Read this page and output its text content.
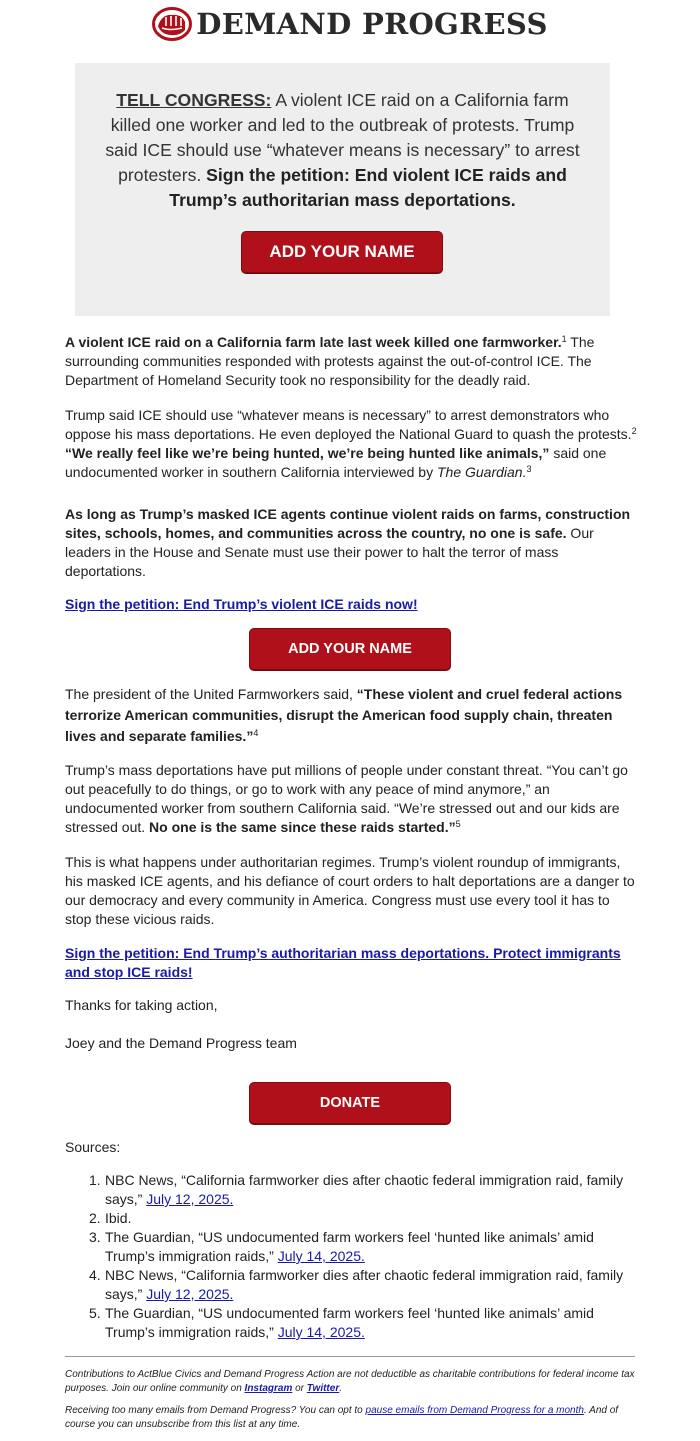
DEMAND PROGRESS

TELL CONGRESS: A violent ICE raid on a California farm killed one worker and led to the outbreak of protests. Trump said ICE should use “whatever means is necessary” to arrest protesters. Sign the petition: End violent ICE raids and Trump’s authoritarian mass deportations.

ADD YOUR NAME

A violent ICE raid on a California farm late last week killed one farmworker.$^1$ The surrounding communities responded with protests against the out-of-control ICE. The Department of Homeland Security took no responsibility for the deadly raid.

Trump said ICE should use “whatever means is necessary” to arrest demonstrators who oppose his mass deportations. He even deployed the National Guard to quash the protests.$^2$ “We really feel like we’re being hunted, we’re being hunted like animals,” said one undocumented worker in southern California interviewed by The Guardian.$^3$

As long as Trump’s masked ICE agents continue violent raids on farms, construction sites, schools, homes, and communities across the country, no one is safe. Our leaders in the House and Senate must use their power to halt the terror of mass deportations.

Sign the petition: End Trump’s violent ICE raids now!

ADD YOUR NAME

The president of the United Farmworkers said, “These violent and cruel federal actions terrorize American communities, disrupt the American food supply chain, threaten lives and separate families.”$^4$

Trump’s mass deportations have put millions of people under constant threat. “You can’t go out peacefully to do things, or go to work with any peace of mind anymore,” an undocumented worker from southern California said. “We’re stressed out and our kids are stressed out. No one is the same since these raids started.”$^5$

This is what happens under authoritarian regimes. Trump’s violent roundup of immigrants, his masked ICE agents, and his defiance of court orders to halt deportations are a danger to our democracy and every community in America. Congress must use every tool it has to stop these vicious raids.

Sign the petition: End Trump’s authoritarian mass deportations. Protect immigrants and stop ICE raids!

Thanks for taking action,

Joey and the Demand Progress team

DONATE

Sources:

1. NBC News, “California farmworker dies after chaotic federal immigration raid, family says,” July 12, 2025.
2. Ibid.
3. The Guardian, “US undocumented farm workers feel ‘hunted like animals’ amid Trump’s immigration raids,” July 14, 2025.
4. NBC News, “California farmworker dies after chaotic federal immigration raid, family says,” July 12, 2025.
5. The Guardian, “US undocumented farm workers feel ‘hunted like animals’ amid Trump’s immigration raids,” July 14, 2025.
Contributions to ActBlue Civics and Demand Progress Action are not deductible as charitable contributions for federal income tax purposes. Join our online community on Instagram or Twitter.
Receiving too many emails from Demand Progress? You can opt to pause emails from Demand Progress for a month. And of course you can unsubscribe from this list at any time.
